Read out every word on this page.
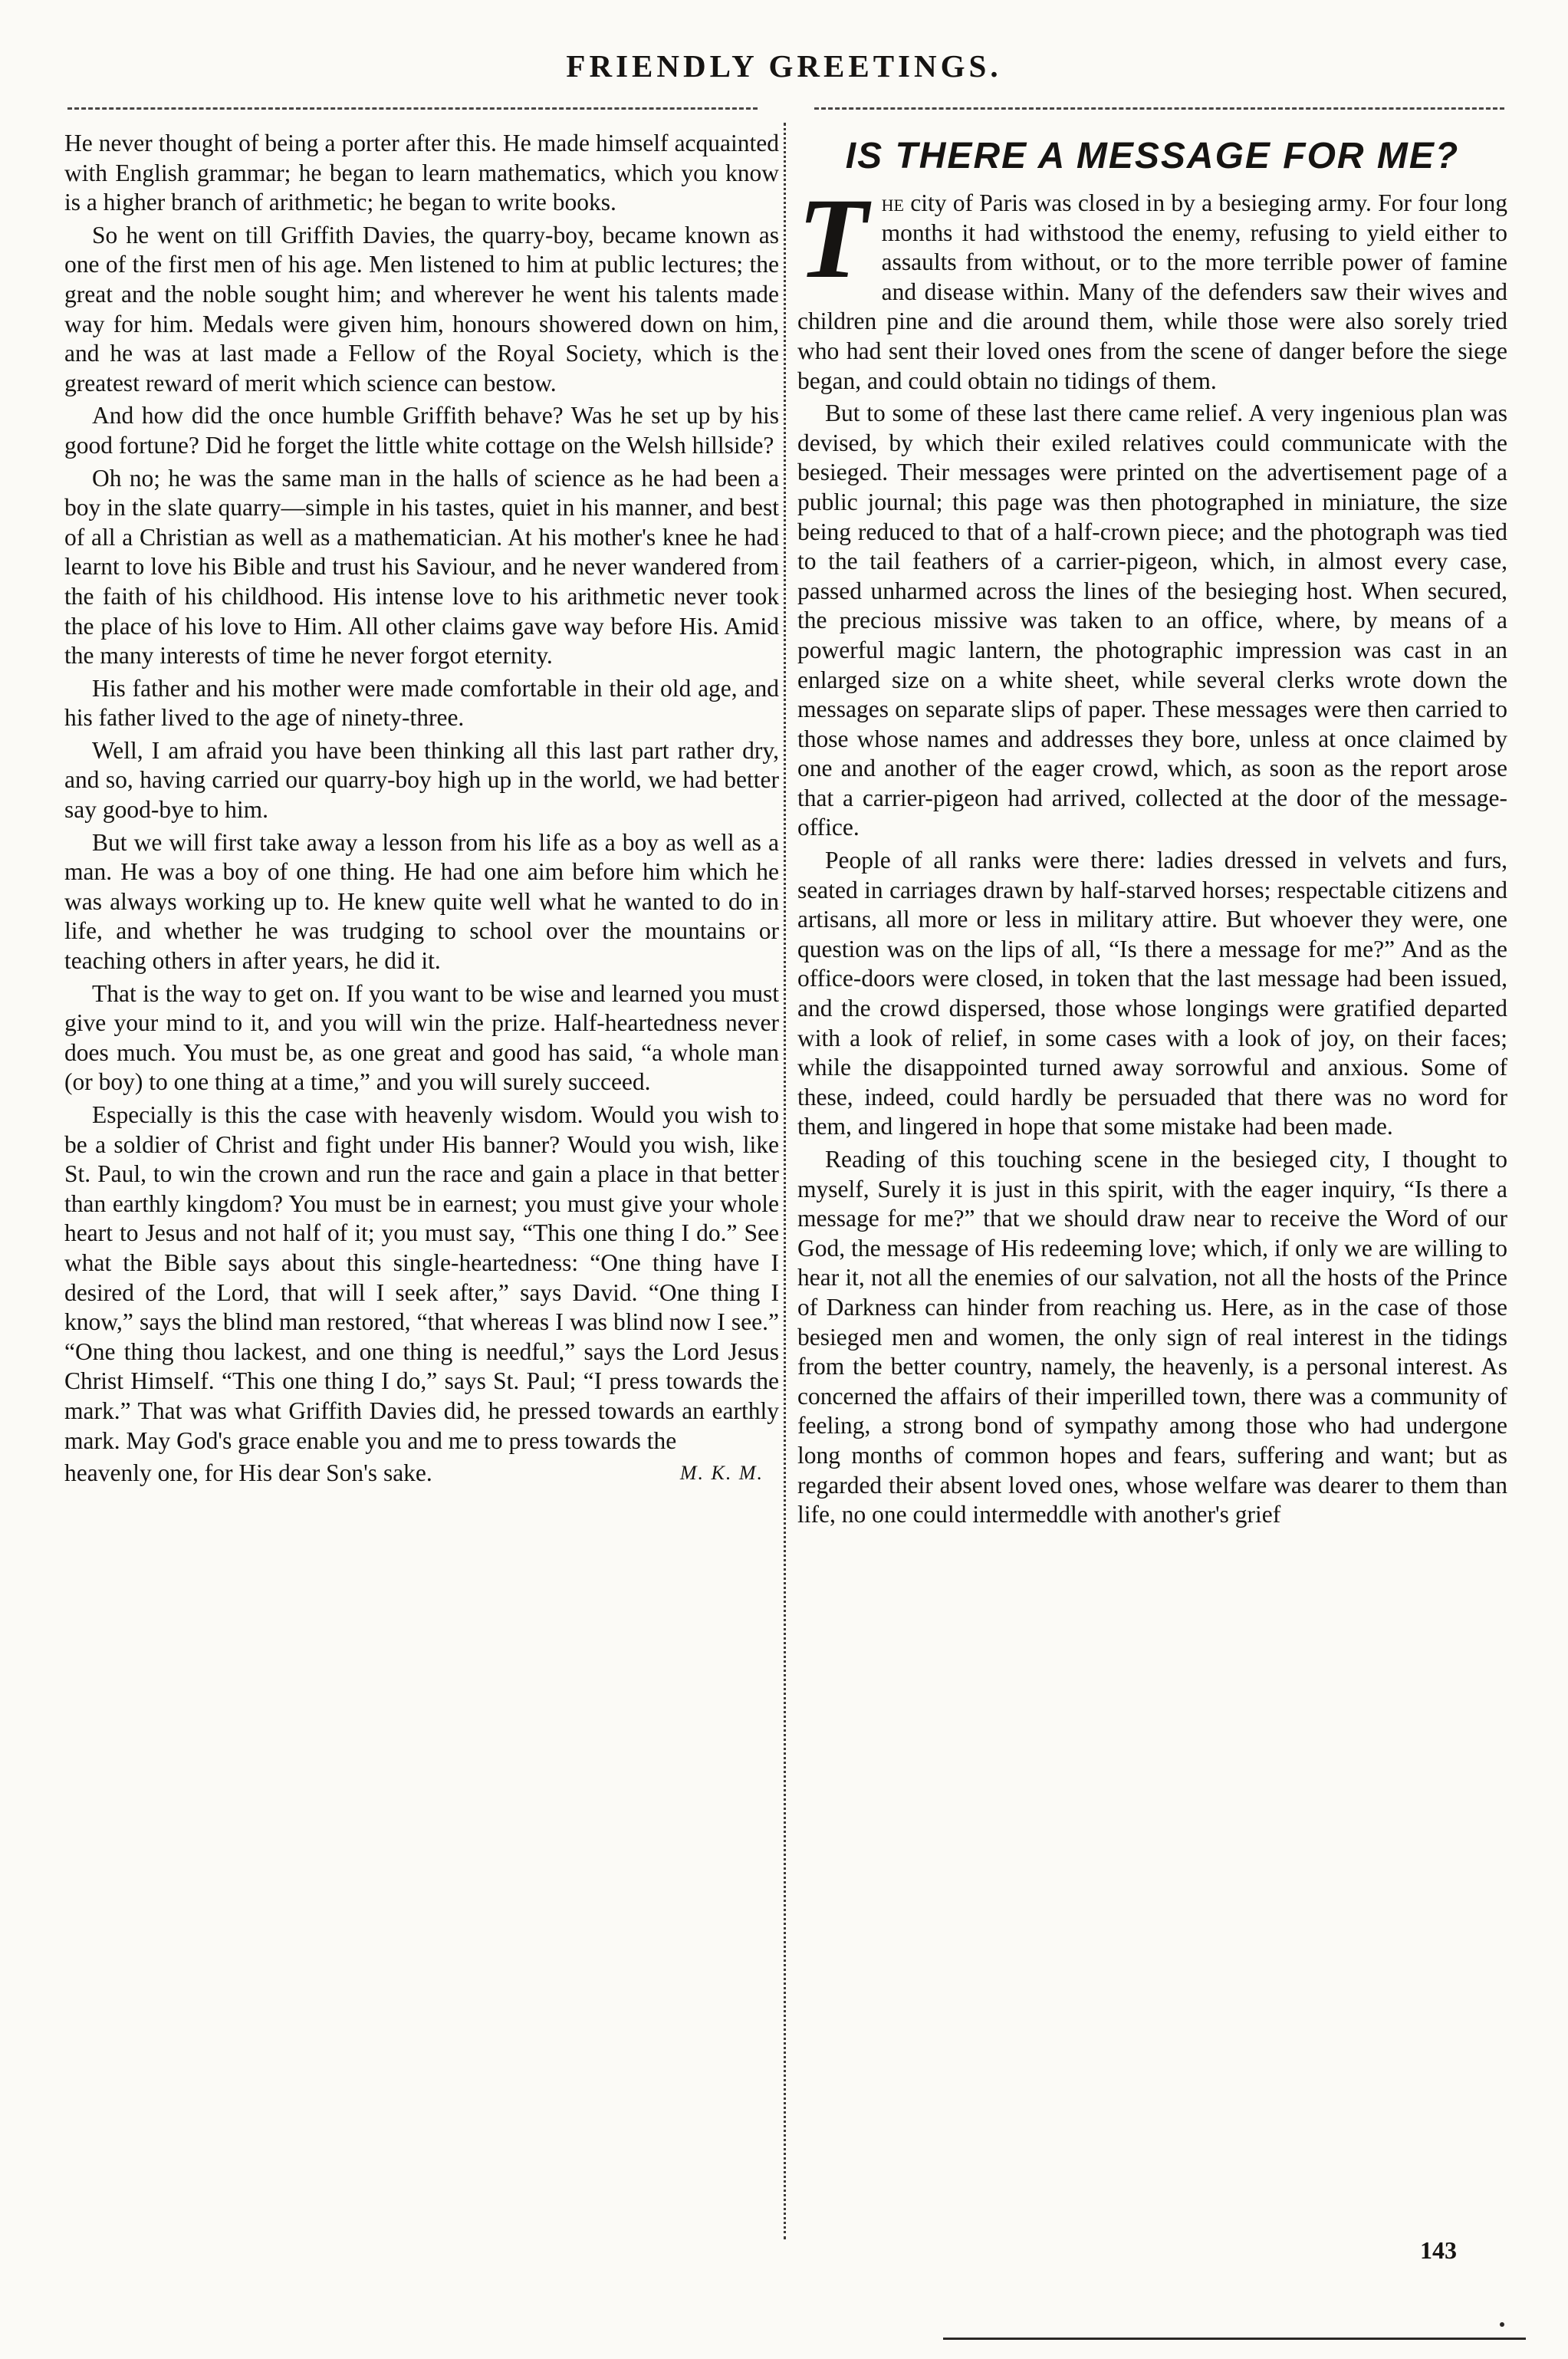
FRIENDLY GREETINGS.

He never thought of being a porter after this. He made himself acquainted with English grammar; he began to learn mathematics, which you know is a higher branch of arithmetic; he began to write books.

So he went on till Griffith Davies, the quarry-boy, became known as one of the first men of his age. Men listened to him at public lectures; the great and the noble sought him; and wherever he went his talents made way for him. Medals were given him, honours showered down on him, and he was at last made a Fellow of the Royal Society, which is the greatest reward of merit which science can bestow.

And how did the once humble Griffith behave? Was he set up by his good fortune? Did he forget the little white cottage on the Welsh hillside?

Oh no; he was the same man in the halls of science as he had been a boy in the slate quarry—simple in his tastes, quiet in his manner, and best of all a Christian as well as a mathematician. At his mother's knee he had learnt to love his Bible and trust his Saviour, and he never wandered from the faith of his childhood. His intense love to his arithmetic never took the place of his love to Him. All other claims gave way before His. Amid the many interests of time he never forgot eternity.

His father and his mother were made comfortable in their old age, and his father lived to the age of ninety-three.

Well, I am afraid you have been thinking all this last part rather dry, and so, having carried our quarry-boy high up in the world, we had better say good-bye to him.

But we will first take away a lesson from his life as a boy as well as a man. He was a boy of one thing. He had one aim before him which he was always working up to. He knew quite well what he wanted to do in life, and whether he was trudging to school over the mountains or teaching others in after years, he did it.

That is the way to get on. If you want to be wise and learned you must give your mind to it, and you will win the prize. Half-heartedness never does much. You must be, as one great and good has said, “a whole man (or boy) to one thing at a time,” and you will surely succeed.

Especially is this the case with heavenly wisdom. Would you wish to be a soldier of Christ and fight under His banner? Would you wish, like St. Paul, to win the crown and run the race and gain a place in that better than earthly kingdom? You must be in earnest; you must give your whole heart to Jesus and not half of it; you must say, “This one thing I do.” See what the Bible says about this single-heartedness: “One thing have I desired of the Lord, that will I seek after,” says David. “One thing I know,” says the blind man restored, “that whereas I was blind now I see.” “One thing thou lackest, and one thing is needful,” says the Lord Jesus Christ Himself. “This one thing I do,” says St. Paul; “I press towards the mark.” That was what Griffith Davies did, he pressed towards an earthly mark. May God's grace enable you and me to press towards the

heavenly one, for His dear Son's sake.	M. K. M.
IS THERE A MESSAGE FOR ME?

The city of Paris was closed in by a besieging army. For four long months it had withstood the enemy, refusing to yield either to assaults from without, or to the more terrible power of famine and disease within. Many of the defenders saw their wives and children pine and die around them, while those were also sorely tried who had sent their loved ones from the scene of danger before the siege began, and could obtain no tidings of them.

But to some of these last there came relief. A very ingenious plan was devised, by which their exiled relatives could communicate with the besieged. Their messages were printed on the advertisement page of a public journal; this page was then photographed in miniature, the size being reduced to that of a half-crown piece; and the photograph was tied to the tail feathers of a carrier-pigeon, which, in almost every case, passed unharmed across the lines of the besieging host. When secured, the precious missive was taken to an office, where, by means of a powerful magic lantern, the photographic impression was cast in an enlarged size on a white sheet, while several clerks wrote down the messages on separate slips of paper. These messages were then carried to those whose names and addresses they bore, unless at once claimed by one and another of the eager crowd, which, as soon as the report arose that a carrier-pigeon had arrived, collected at the door of the message-office.

People of all ranks were there: ladies dressed in velvets and furs, seated in carriages drawn by half-starved horses; respectable citizens and artisans, all more or less in military attire. But whoever they were, one question was on the lips of all, “Is there a message for me?” And as the office-doors were closed, in token that the last message had been issued, and the crowd dispersed, those whose longings were gratified departed with a look of relief, in some cases with a look of joy, on their faces; while the disappointed turned away sorrowful and anxious. Some of these, indeed, could hardly be persuaded that there was no word for them, and lingered in hope that some mistake had been made.

Reading of this touching scene in the besieged city, I thought to myself, Surely it is just in this spirit, with the eager inquiry, “Is there a message for me?” that we should draw near to receive the Word of our God, the message of His redeeming love; which, if only we are willing to hear it, not all the enemies of our salvation, not all the hosts of the Prince of Darkness can hinder from reaching us. Here, as in the case of those besieged men and women, the only sign of real interest in the tidings from the better country, namely, the heavenly, is a personal interest. As concerned the affairs of their imperilled town, there was a community of feeling, a strong bond of sympathy among those who had undergone long months of common hopes and fears, suffering and want; but as regarded their absent loved ones, whose welfare was dearer to them than life, no one could intermeddle with another's grief

143
